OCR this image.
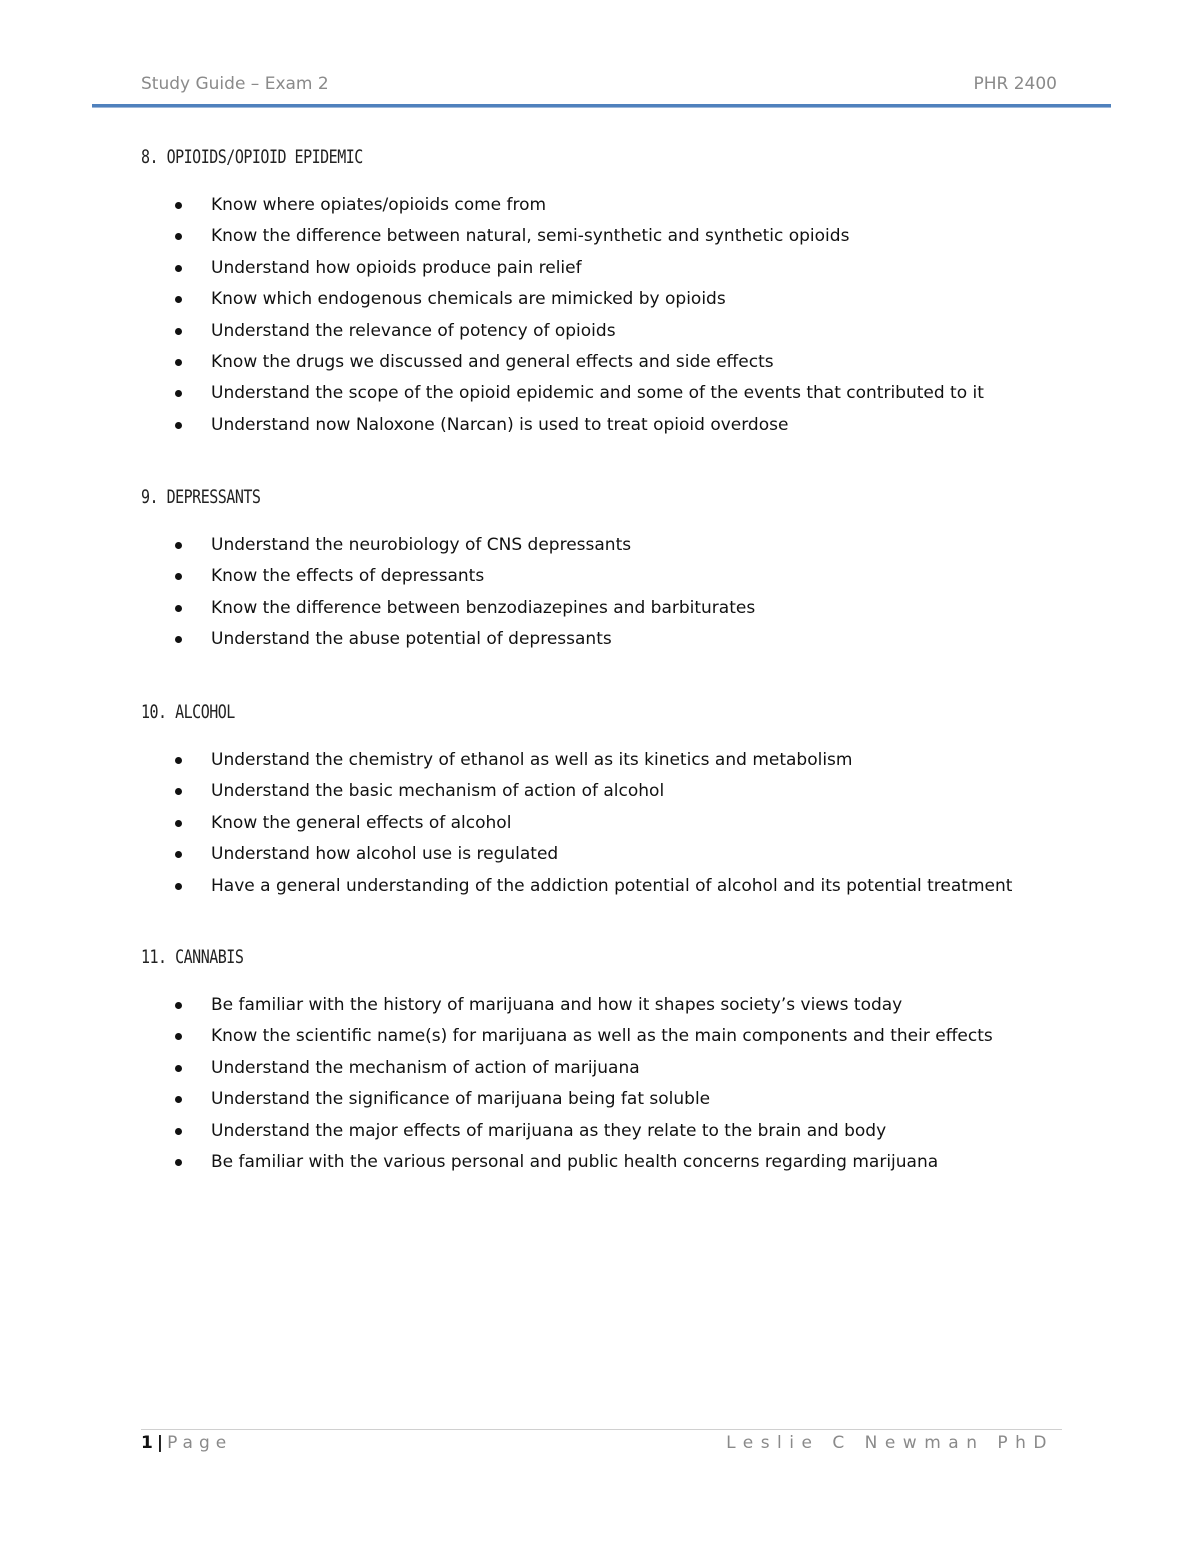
Study Guide – Exam 2	PHR 2400
8. OPIOIDS/OPIOID EPIDEMIC
Know where opiates/opioids come from
Know the difference between natural, semi-synthetic and synthetic opioids
Understand how opioids produce pain relief
Know which endogenous chemicals are mimicked by opioids
Understand the relevance of potency of opioids
Know the drugs we discussed and general effects and side effects
Understand the scope of the opioid epidemic and some of the events that contributed to it
Understand now Naloxone (Narcan) is used to treat opioid overdose
9. DEPRESSANTS
Understand the neurobiology of CNS depressants
Know the effects of depressants
Know the difference between benzodiazepines and barbiturates
Understand the abuse potential of depressants
10. ALCOHOL
Understand the chemistry of ethanol as well as its kinetics and metabolism
Understand the basic mechanism of action of alcohol
Know the general effects of alcohol
Understand how alcohol use is regulated
Have a general understanding of the addiction potential of alcohol and its potential treatment
11. CANNABIS
Be familiar with the history of marijuana and how it shapes society’s views today
Know the scientific name(s) for marijuana as well as the main components and their effects
Understand the mechanism of action of marijuana
Understand the significance of marijuana being fat soluble
Understand the major effects of marijuana as they relate to the brain and body
Be familiar with the various personal and public health concerns regarding marijuana
1 | Page	Leslie C Newman PhD
